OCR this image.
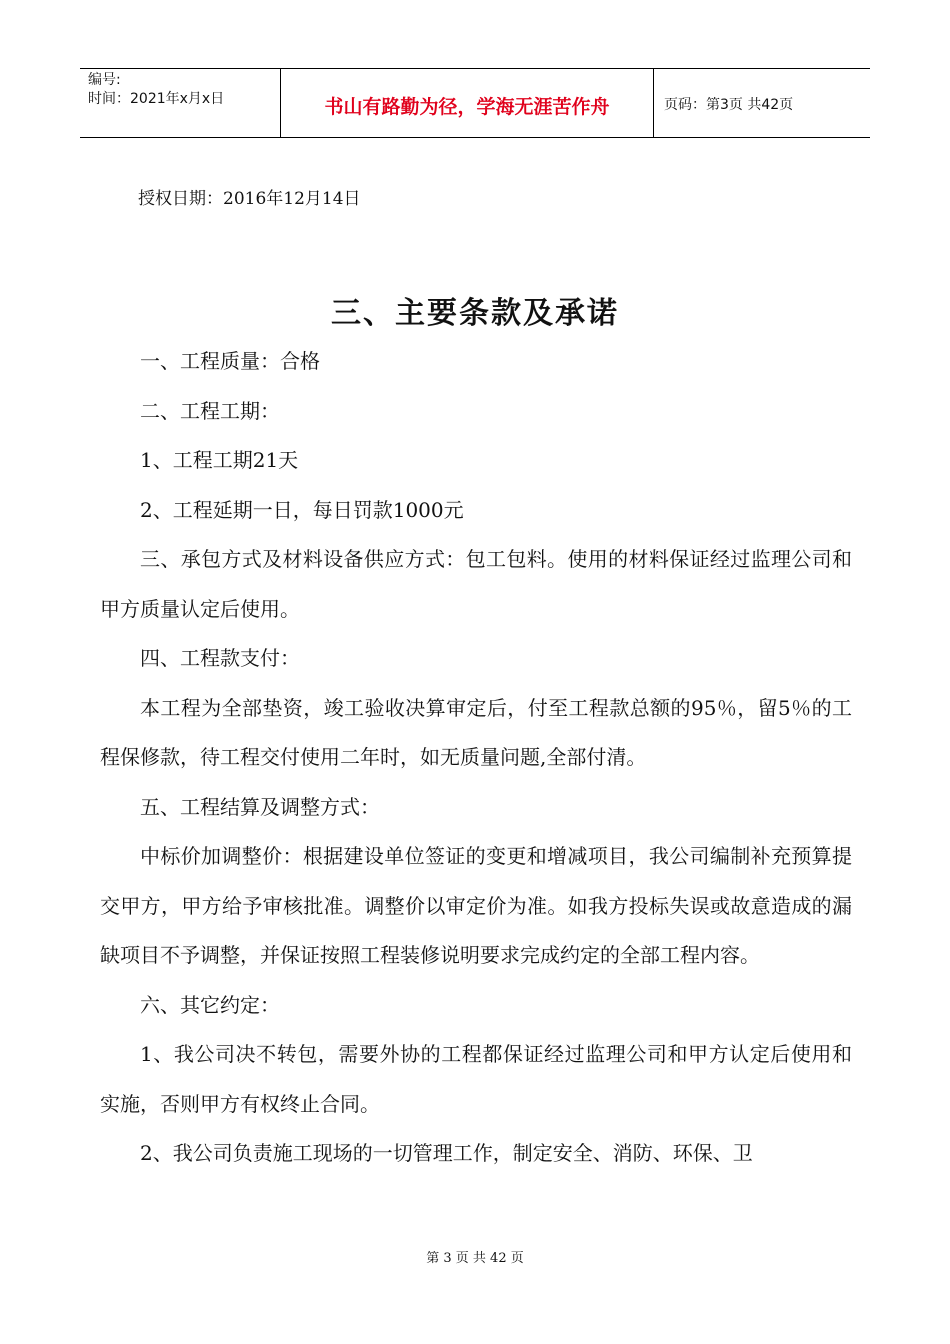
编号:
时间：2021年x月x日	书山有路勤为径，学海无涯苦作舟	页码：第3页 共42页
授权日期：2016年12月14日
三、主要条款及承诺

一、工程质量：合格

二、工程工期：

1、工程工期21天

2、工程延期一日，每日罚款1000元

三、承包方式及材料设备供应方式：包工包料。使用的材料保证经过监理公司和甲方质量认定后使用。

四、工程款支付：

本工程为全部垫资，竣工验收决算审定后，付至工程款总额的95％，留5％的工程保修款，待工程交付使用二年时，如无质量问题,全部付清。

五、工程结算及调整方式：

中标价加调整价：根据建设单位签证的变更和增减项目，我公司编制补充预算提交甲方，甲方给予审核批准。调整价以审定价为准。如我方投标失误或故意造成的漏缺项目不予调整，并保证按照工程装修说明要求完成约定的全部工程内容。

六、其它约定：

1、我公司决不转包，需要外协的工程都保证经过监理公司和甲方认定后使用和实施，否则甲方有权终止合同。

2、我公司负责施工现场的一切管理工作，制定安全、消防、环保、卫

第 3 页 共 42 页
